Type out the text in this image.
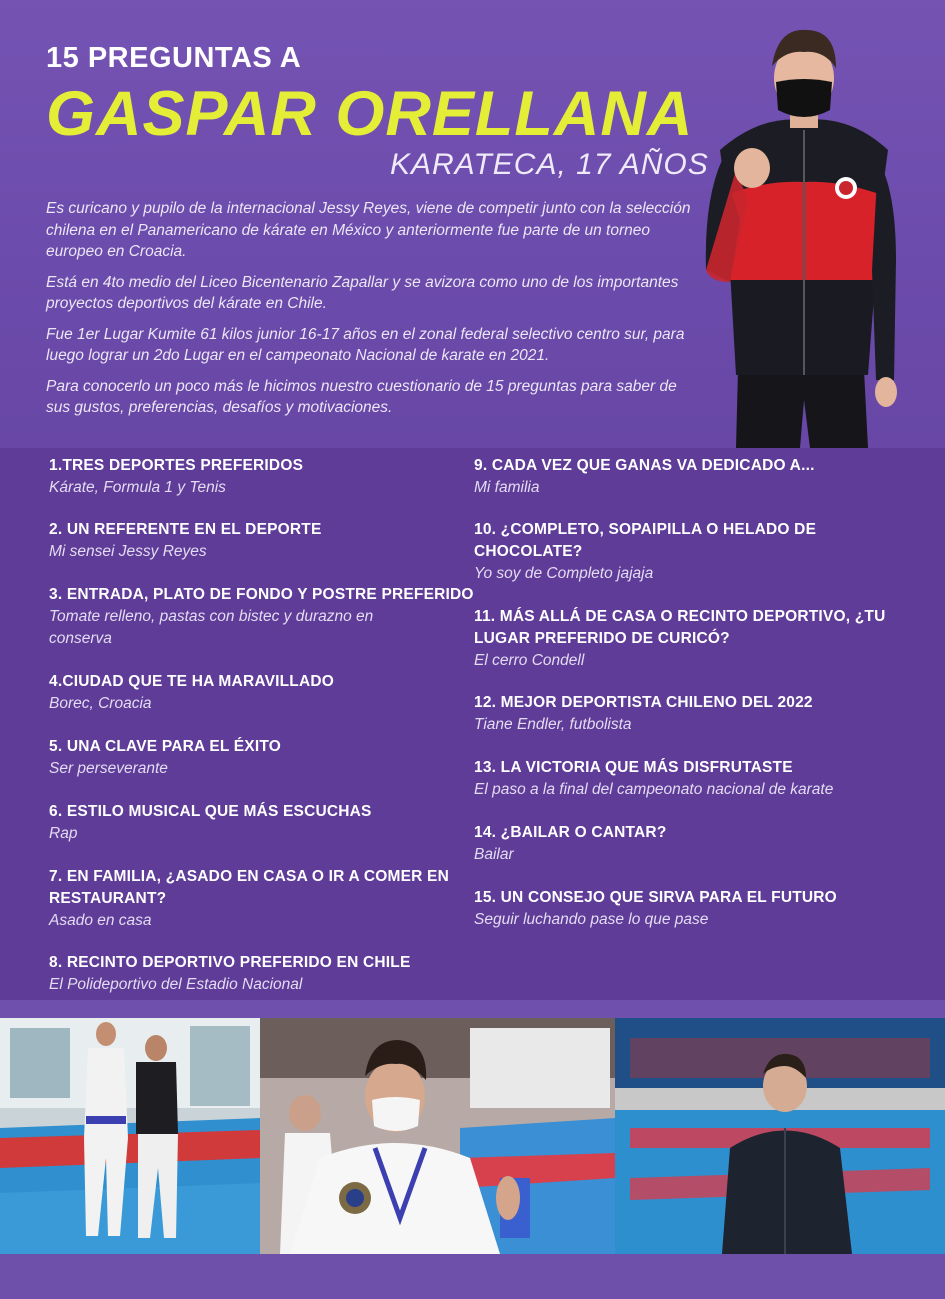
15 PREGUNTAS A
GASPAR ORELLANA
KARATECA, 17 AÑOS

Es curicano y pupilo de la internacional Jessy Reyes, viene de competir junto con la selección chilena en el Panamericano de kárate en México y anteriormente fue parte de un torneo europeo en Croacia.

Está en 4to medio del Liceo Bicentenario Zapallar y se avizora como uno de los importantes proyectos deportivos del kárate en Chile.

Fue 1er Lugar Kumite 61 kilos junior 16-17 años en el zonal federal selectivo centro sur, para luego lograr un 2do Lugar en el campeonato Nacional de karate en 2021.

Para conocerlo un poco más le hicimos nuestro cuestionario de 15 preguntas para saber de sus gustos, preferencias, desafíos y motivaciones.

1.TRES DEPORTES PREFERIDOS
Kárate, Formula 1 y Tenis
2. UN REFERENTE EN EL DEPORTE
Mi sensei Jessy Reyes
3. ENTRADA, PLATO DE FONDO Y POSTRE PREFERIDO
Tomate relleno, pastas con bistec y durazno en conserva
4.CIUDAD QUE TE HA MARAVILLADO
Borec, Croacia
5. UNA CLAVE PARA EL ÉXITO
Ser perseverante
6. ESTILO MUSICAL QUE MÁS ESCUCHAS
Rap
7. EN FAMILIA, ¿ASADO EN CASA O IR A COMER EN RESTAURANT?
Asado en casa
8. RECINTO DEPORTIVO PREFERIDO EN CHILE
El Polideportivo del Estadio Nacional
9. CADA VEZ QUE GANAS VA DEDICADO A...
Mi familia
10. ¿COMPLETO, SOPAIPILLA O HELADO DE CHOCOLATE?
Yo soy de Completo jajaja
11. MÁS ALLÁ DE CASA O RECINTO DEPORTIVO, ¿TU LUGAR PREFERIDO DE CURICÓ?
El cerro Condell
12. MEJOR DEPORTISTA CHILENO DEL 2022
Tiane Endler, futbolista
13. LA VICTORIA QUE MÁS DISFRUTASTE
El paso a la final del campeonato nacional de karate
14. ¿BAILAR O CANTAR?
Bailar
15. UN CONSEJO QUE SIRVA PARA EL FUTURO
Seguir luchando pase lo que pase
